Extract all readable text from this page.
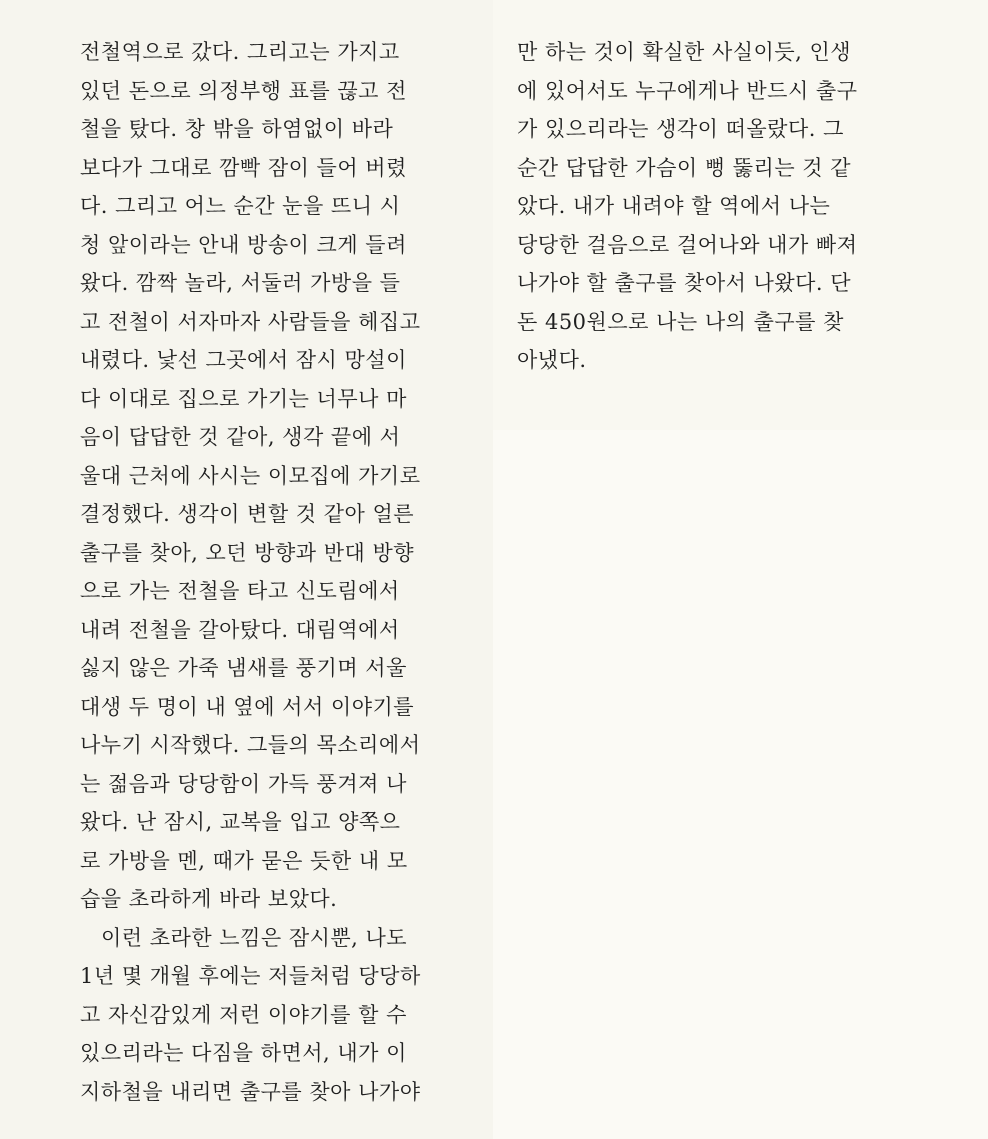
전철역으로 갔다. 그리고는 가지고
있던 돈으로 의정부행 표를 끊고 전
철을 탔다. 창 밖을 하염없이 바라
보다가 그대로 깜빡 잠이 들어 버렸
다. 그리고 어느 순간 눈을 뜨니 시
청 앞이라는 안내 방송이 크게 들려
왔다. 깜짝 놀라, 서둘러 가방을 들
고 전철이 서자마자 사람들을 헤집고
내렸다. 낯선 그곳에서 잠시 망설이
다 이대로 집으로 가기는 너무나 마
음이 답답한 것 같아, 생각 끝에 서
울대 근처에 사시는 이모집에 가기로
결정했다. 생각이 변할 것 같아 얼른
출구를 찾아, 오던 방향과 반대 방향
으로 가는 전철을 타고 신도림에서
내려 전철을 갈아탔다. 대림역에서
싫지 않은 가죽 냄새를 풍기며 서울
대생 두 명이 내 옆에 서서 이야기를
나누기 시작했다. 그들의 목소리에서
는 젊음과 당당함이 가득 풍겨져 나
왔다. 난 잠시, 교복을 입고 양쪽으
로 가방을 멘, 때가 묻은 듯한 내 모
습을 초라하게 바라 보았다.
이런 초라한 느낌은 잠시뿐, 나도
1년 몇 개월 후에는 저들처럼 당당하
고 자신감있게 저런 이야기를 할 수
있으리라는 다짐을 하면서, 내가 이
지하철을 내리면 출구를 찾아 나가야
만 하는 것이 확실한 사실이듯, 인생
에 있어서도 누구에게나 반드시 출구
가 있으리라는 생각이 떠올랐다. 그
순간 답답한 가슴이 뻥 뚫리는 것 같
았다. 내가 내려야 할 역에서 나는
당당한 걸음으로 걸어나와 내가 빠져
나가야 할 출구를 찾아서 나왔다. 단
돈 450원으로 나는 나의 출구를 찾
아냈다.
